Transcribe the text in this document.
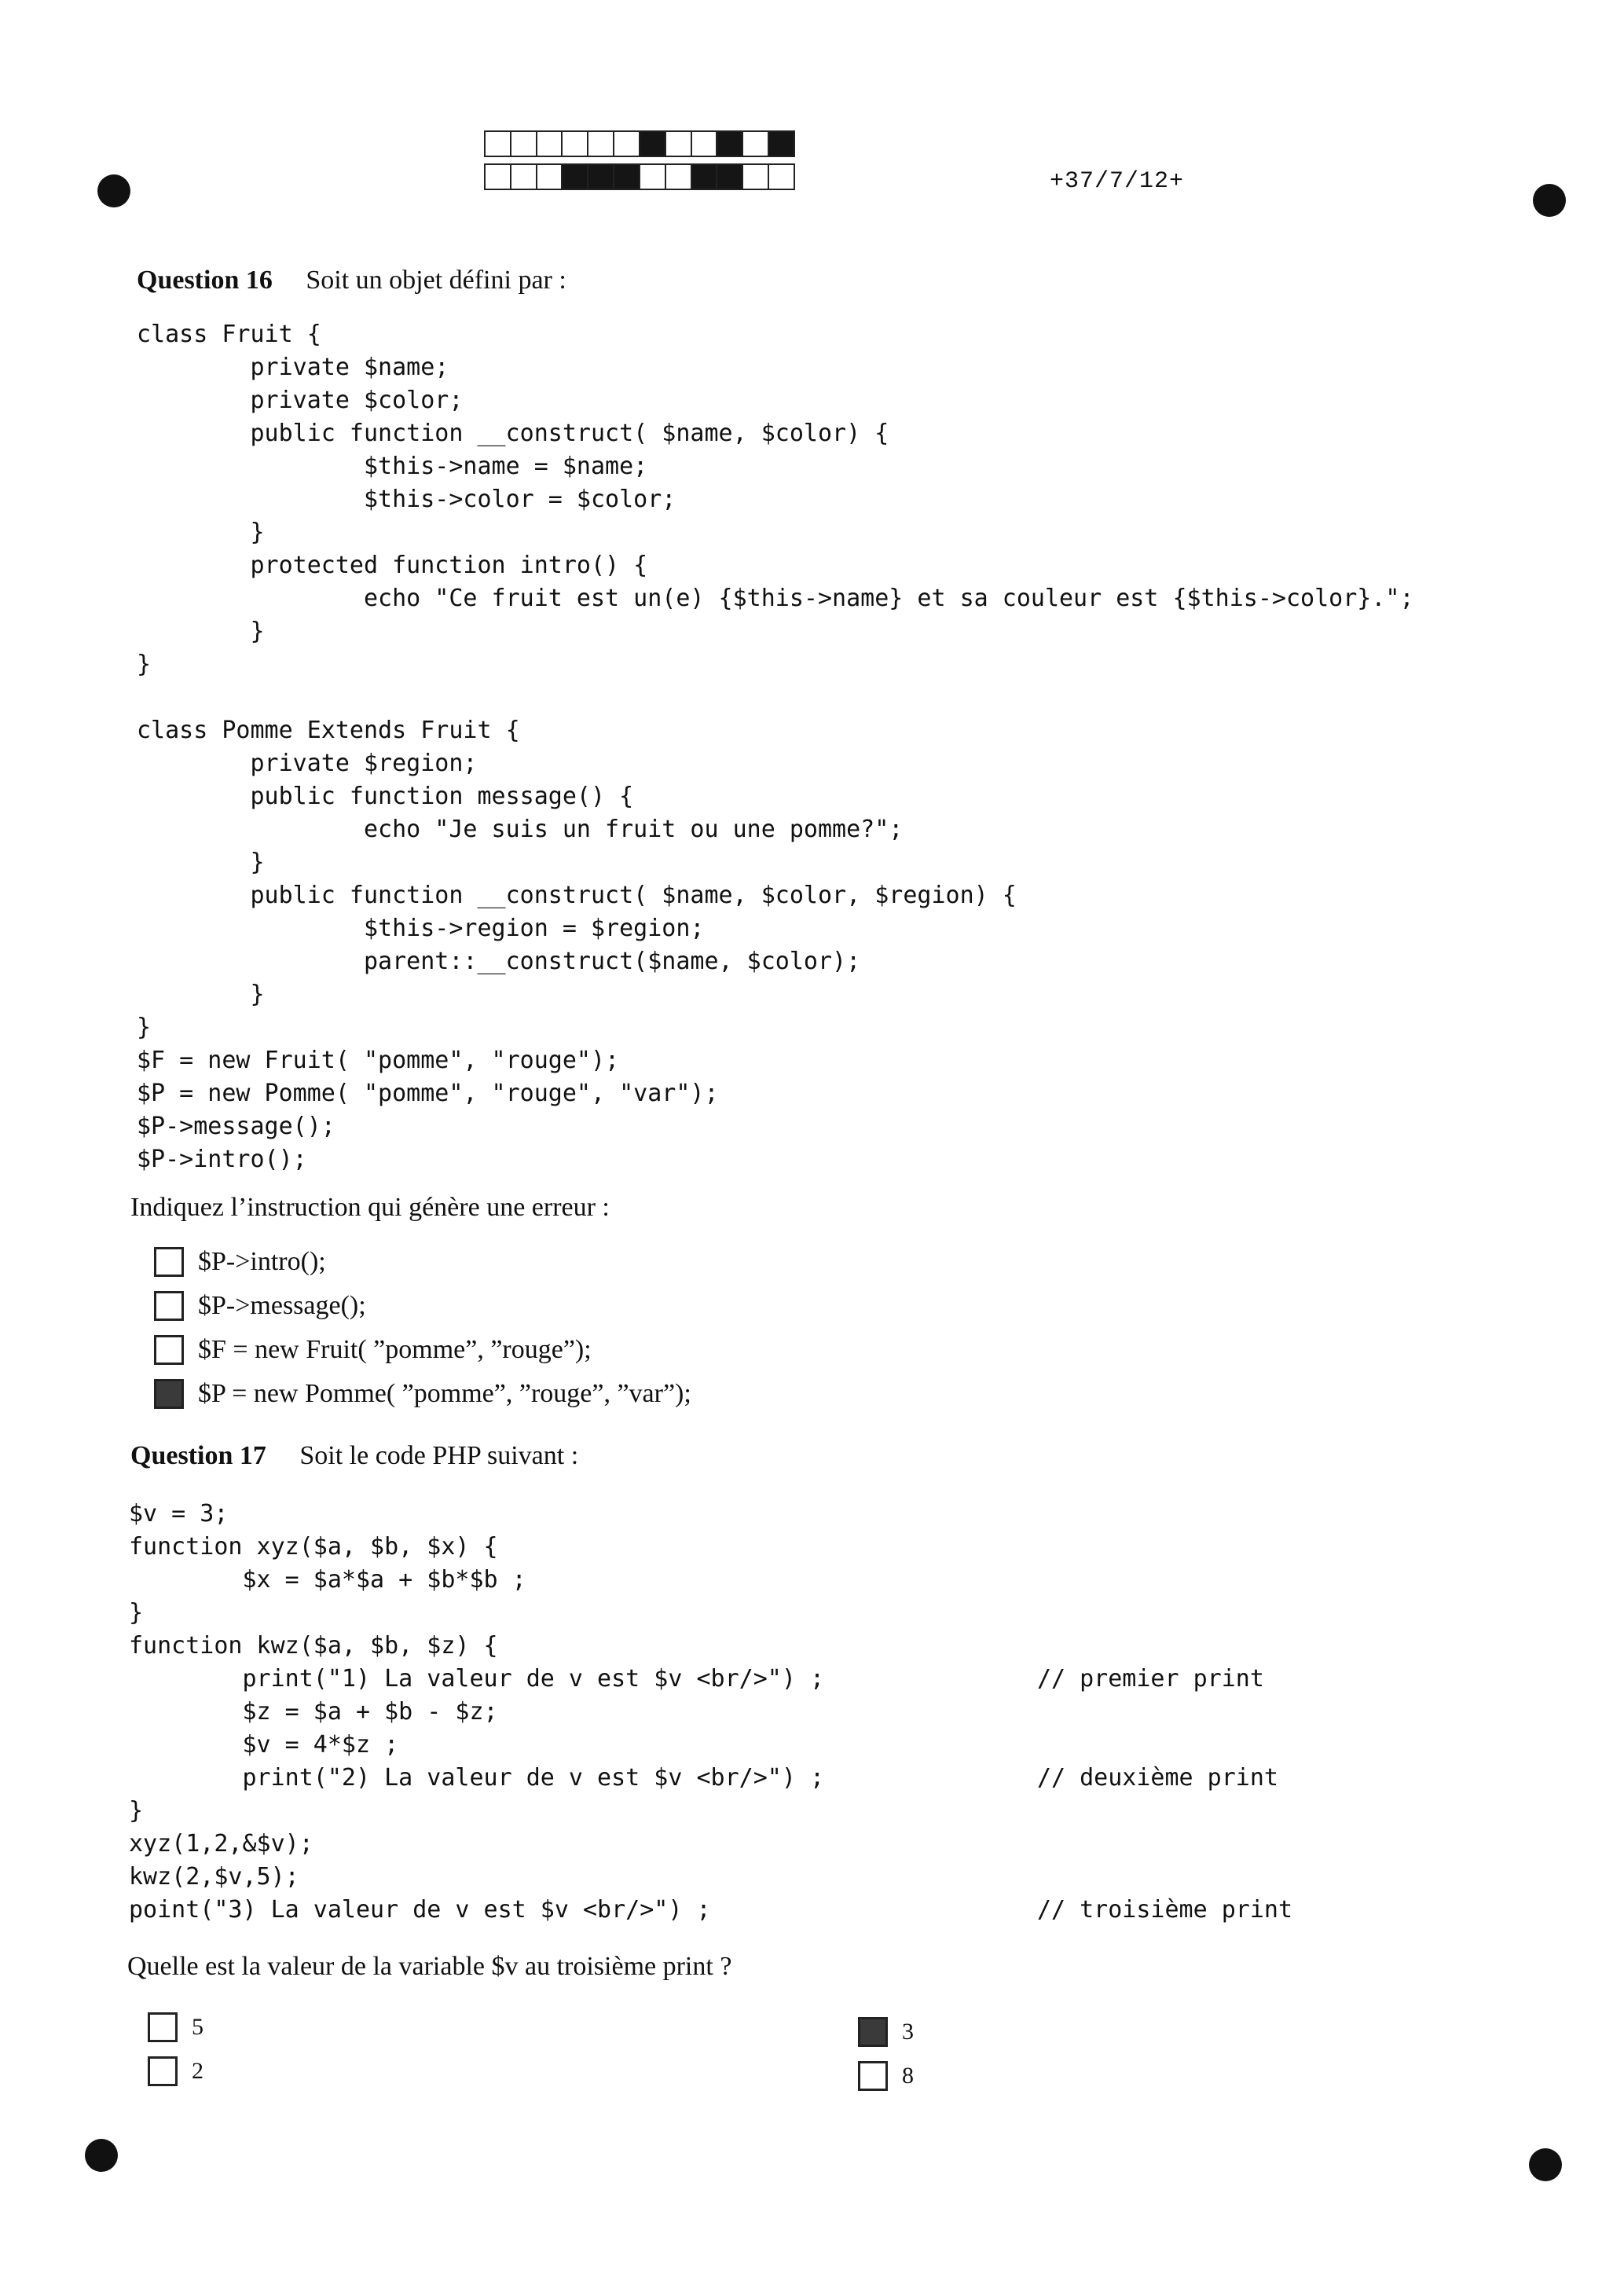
+37/7/12+
Question 16 Soit un objet défini par :
class Fruit {
private $name;
private $color;
public function __construct( $name, $color) {
$this->name = $name;
$this->color = $color;
}
protected function intro() {
echo "Ce fruit est un(e) {$this->name} et sa couleur est {$this->color}.";
}
}

class Pomme Extends Fruit {
private $region;
public function message() {
echo "Je suis un fruit ou une pomme?";
}
public function __construct( $name, $color, $region) {
$this->region = $region;
parent::__construct($name, $color);
}
}
$F = new Fruit( "pomme", "rouge");
$P = new Pomme( "pomme", "rouge", "var");
$P->message();
$P->intro();
Indiquez l’instruction qui génère une erreur :
$P->intro();
$P->message();
$F = new Fruit( ”pomme”, ”rouge”);
$P = new Pomme( ”pomme”, ”rouge”, ”var”);
Question 17 Soit le code PHP suivant :
$v = 3;
function xyz($a, $b, $x) {
$x = $a*$a + $b*$b ;
}
function kwz($a, $b, $z) {
print("1) La valeur de v est $v <br/>") ;               // premier print
$z = $a + $b - $z;
$v = 4*$z ;
print("2) La valeur de v est $v <br/>") ;               // deuxième print
}
xyz(1,2,&$v);
kwz(2,$v,5);
point("3) La valeur de v est $v <br/>") ;                       // troisième print
Quelle est la valeur de la variable $v au troisième print ?
5
2
3
8
